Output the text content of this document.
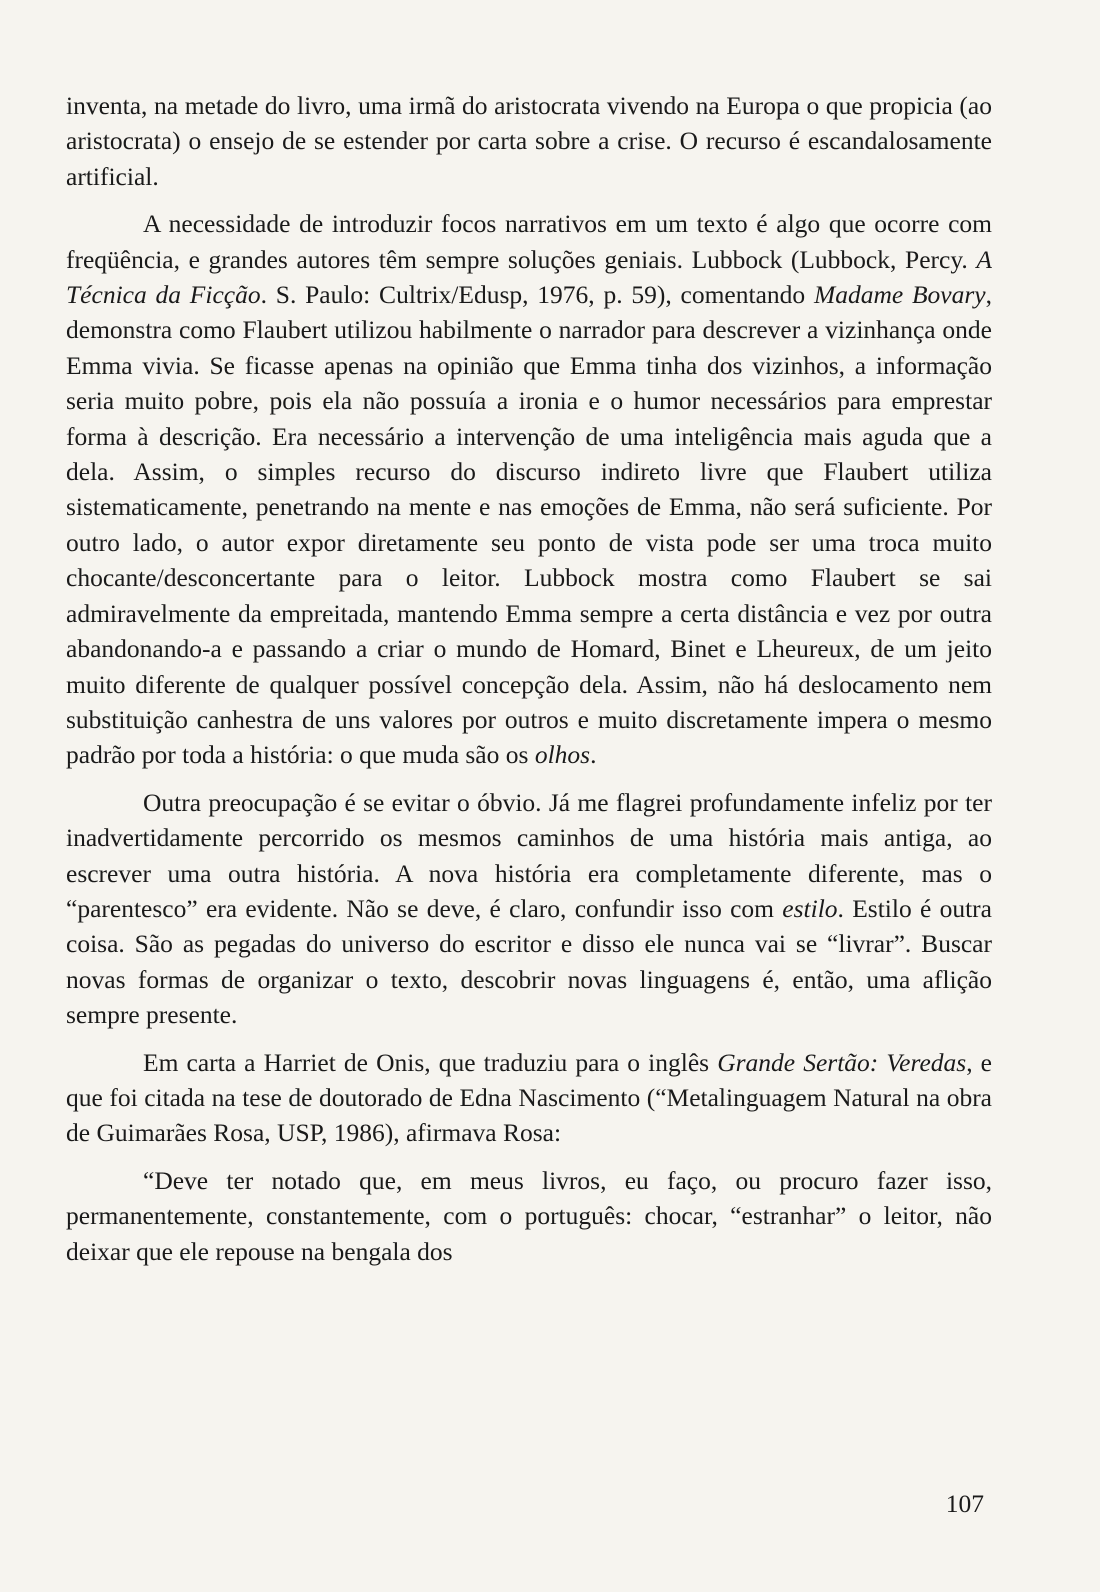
inventa, na metade do livro, uma irmã do aristocrata vivendo na Europa o que propicia (ao aristocrata) o ensejo de se estender por carta sobre a crise. O recurso é escandalosamente artificial.

A necessidade de introduzir focos narrativos em um texto é algo que ocorre com freqüência, e grandes autores têm sempre soluções geniais. Lubbock (Lubbock, Percy. A Técnica da Ficção. S. Paulo: Cultrix/Edusp, 1976, p. 59), comentando Madame Bovary, demonstra como Flaubert utilizou habilmente o narrador para descrever a vizinhança onde Emma vivia. Se ficasse apenas na opinião que Emma tinha dos vizinhos, a informação seria muito pobre, pois ela não possuía a ironia e o humor necessários para emprestar forma à descrição. Era necessário a intervenção de uma inteligência mais aguda que a dela. Assim, o simples recurso do discurso indireto livre que Flaubert utiliza sistematicamente, penetrando na mente e nas emoções de Emma, não será suficiente. Por outro lado, o autor expor diretamente seu ponto de vista pode ser uma troca muito chocante/desconcertante para o leitor. Lubbock mostra como Flaubert se sai admiravelmente da empreitada, mantendo Emma sempre a certa distância e vez por outra abandonando-a e passando a criar o mundo de Homard, Binet e Lheureux, de um jeito muito diferente de qualquer possível concepção dela. Assim, não há deslocamento nem substituição canhestra de uns valores por outros e muito discretamente impera o mesmo padrão por toda a história: o que muda são os olhos.

Outra preocupação é se evitar o óbvio. Já me flagrei profundamente infeliz por ter inadvertidamente percorrido os mesmos caminhos de uma história mais antiga, ao escrever uma outra história. A nova história era completamente diferente, mas o “parentesco” era evidente. Não se deve, é claro, confundir isso com estilo. Estilo é outra coisa. São as pegadas do universo do escritor e disso ele nunca vai se “livrar”. Buscar novas formas de organizar o texto, descobrir novas linguagens é, então, uma aflição sempre presente.

Em carta a Harriet de Onis, que traduziu para o inglês Grande Sertão: Veredas, e que foi citada na tese de doutorado de Edna Nascimento (“Metalinguagem Natural na obra de Guimarães Rosa, USP, 1986), afirmava Rosa:

“Deve ter notado que, em meus livros, eu faço, ou procuro fazer isso, permanentemente, constantemente, com o português: chocar, “estranhar” o leitor, não deixar que ele repouse na bengala dos

107
